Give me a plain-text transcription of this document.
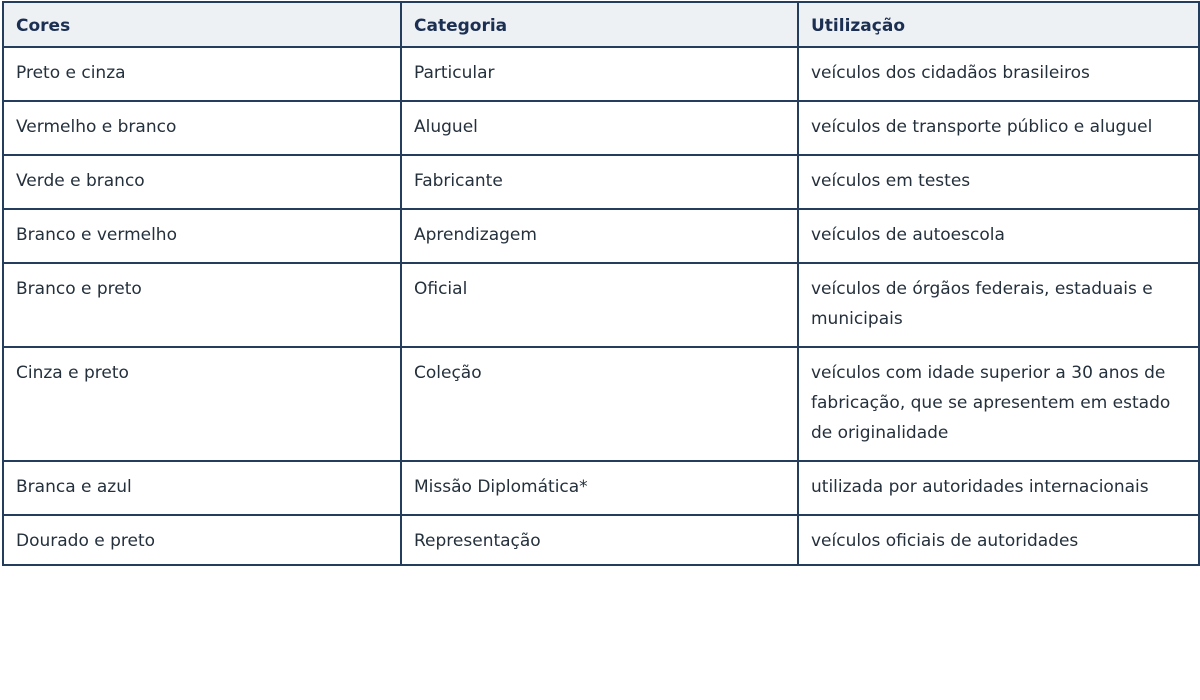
Cores	Categoria	Utilização
Preto e cinza	Particular	veículos dos cidadãos brasileiros
Vermelho e branco	Aluguel	veículos de transporte público e aluguel
Verde e branco	Fabricante	veículos em testes
Branco e vermelho	Aprendizagem	veículos de autoescola
Branco e preto	Oficial	veículos de órgãos federais, estaduais e municipais
Cinza e preto	Coleção	veículos com idade superior a 30 anos de fabricação, que se apresentem em estado de originalidade
Branca e azul	Missão Diplomática*	utilizada por autoridades internacionais
Dourado e preto	Representação	veículos oficiais de autoridades
